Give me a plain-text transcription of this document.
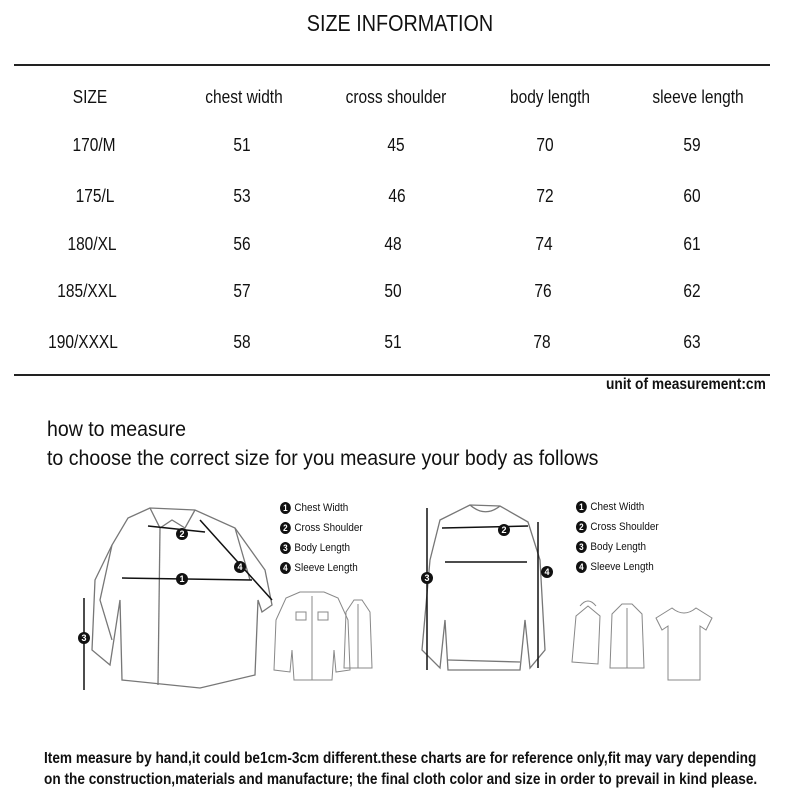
SIZE INFORMATION
SIZE	chest width	cross shoulder	body length	sleeve length
170/M	51	45	70	59
175/L	53	46	72	60
180/XL	56	48	74	61
185/XXL	57	50	76	62
190/XXXL	58	51	78	63
unit of measurement:cm
how to measure
to choose the correct size for you measure your body as follows
1
2
3
4
2
3
4
1 Chest Width
2 Cross Shoulder
3 Body Length
4 Sleeve Length
1 Chest Width
2 Cross Shoulder
3 Body Length
4 Sleeve Length
Item measure by hand,it could be1cm-3cm different.these charts are for reference only,fit may vary depending
on the construction,materials and manufacture; the final cloth color and size in order to prevail in kind please.
